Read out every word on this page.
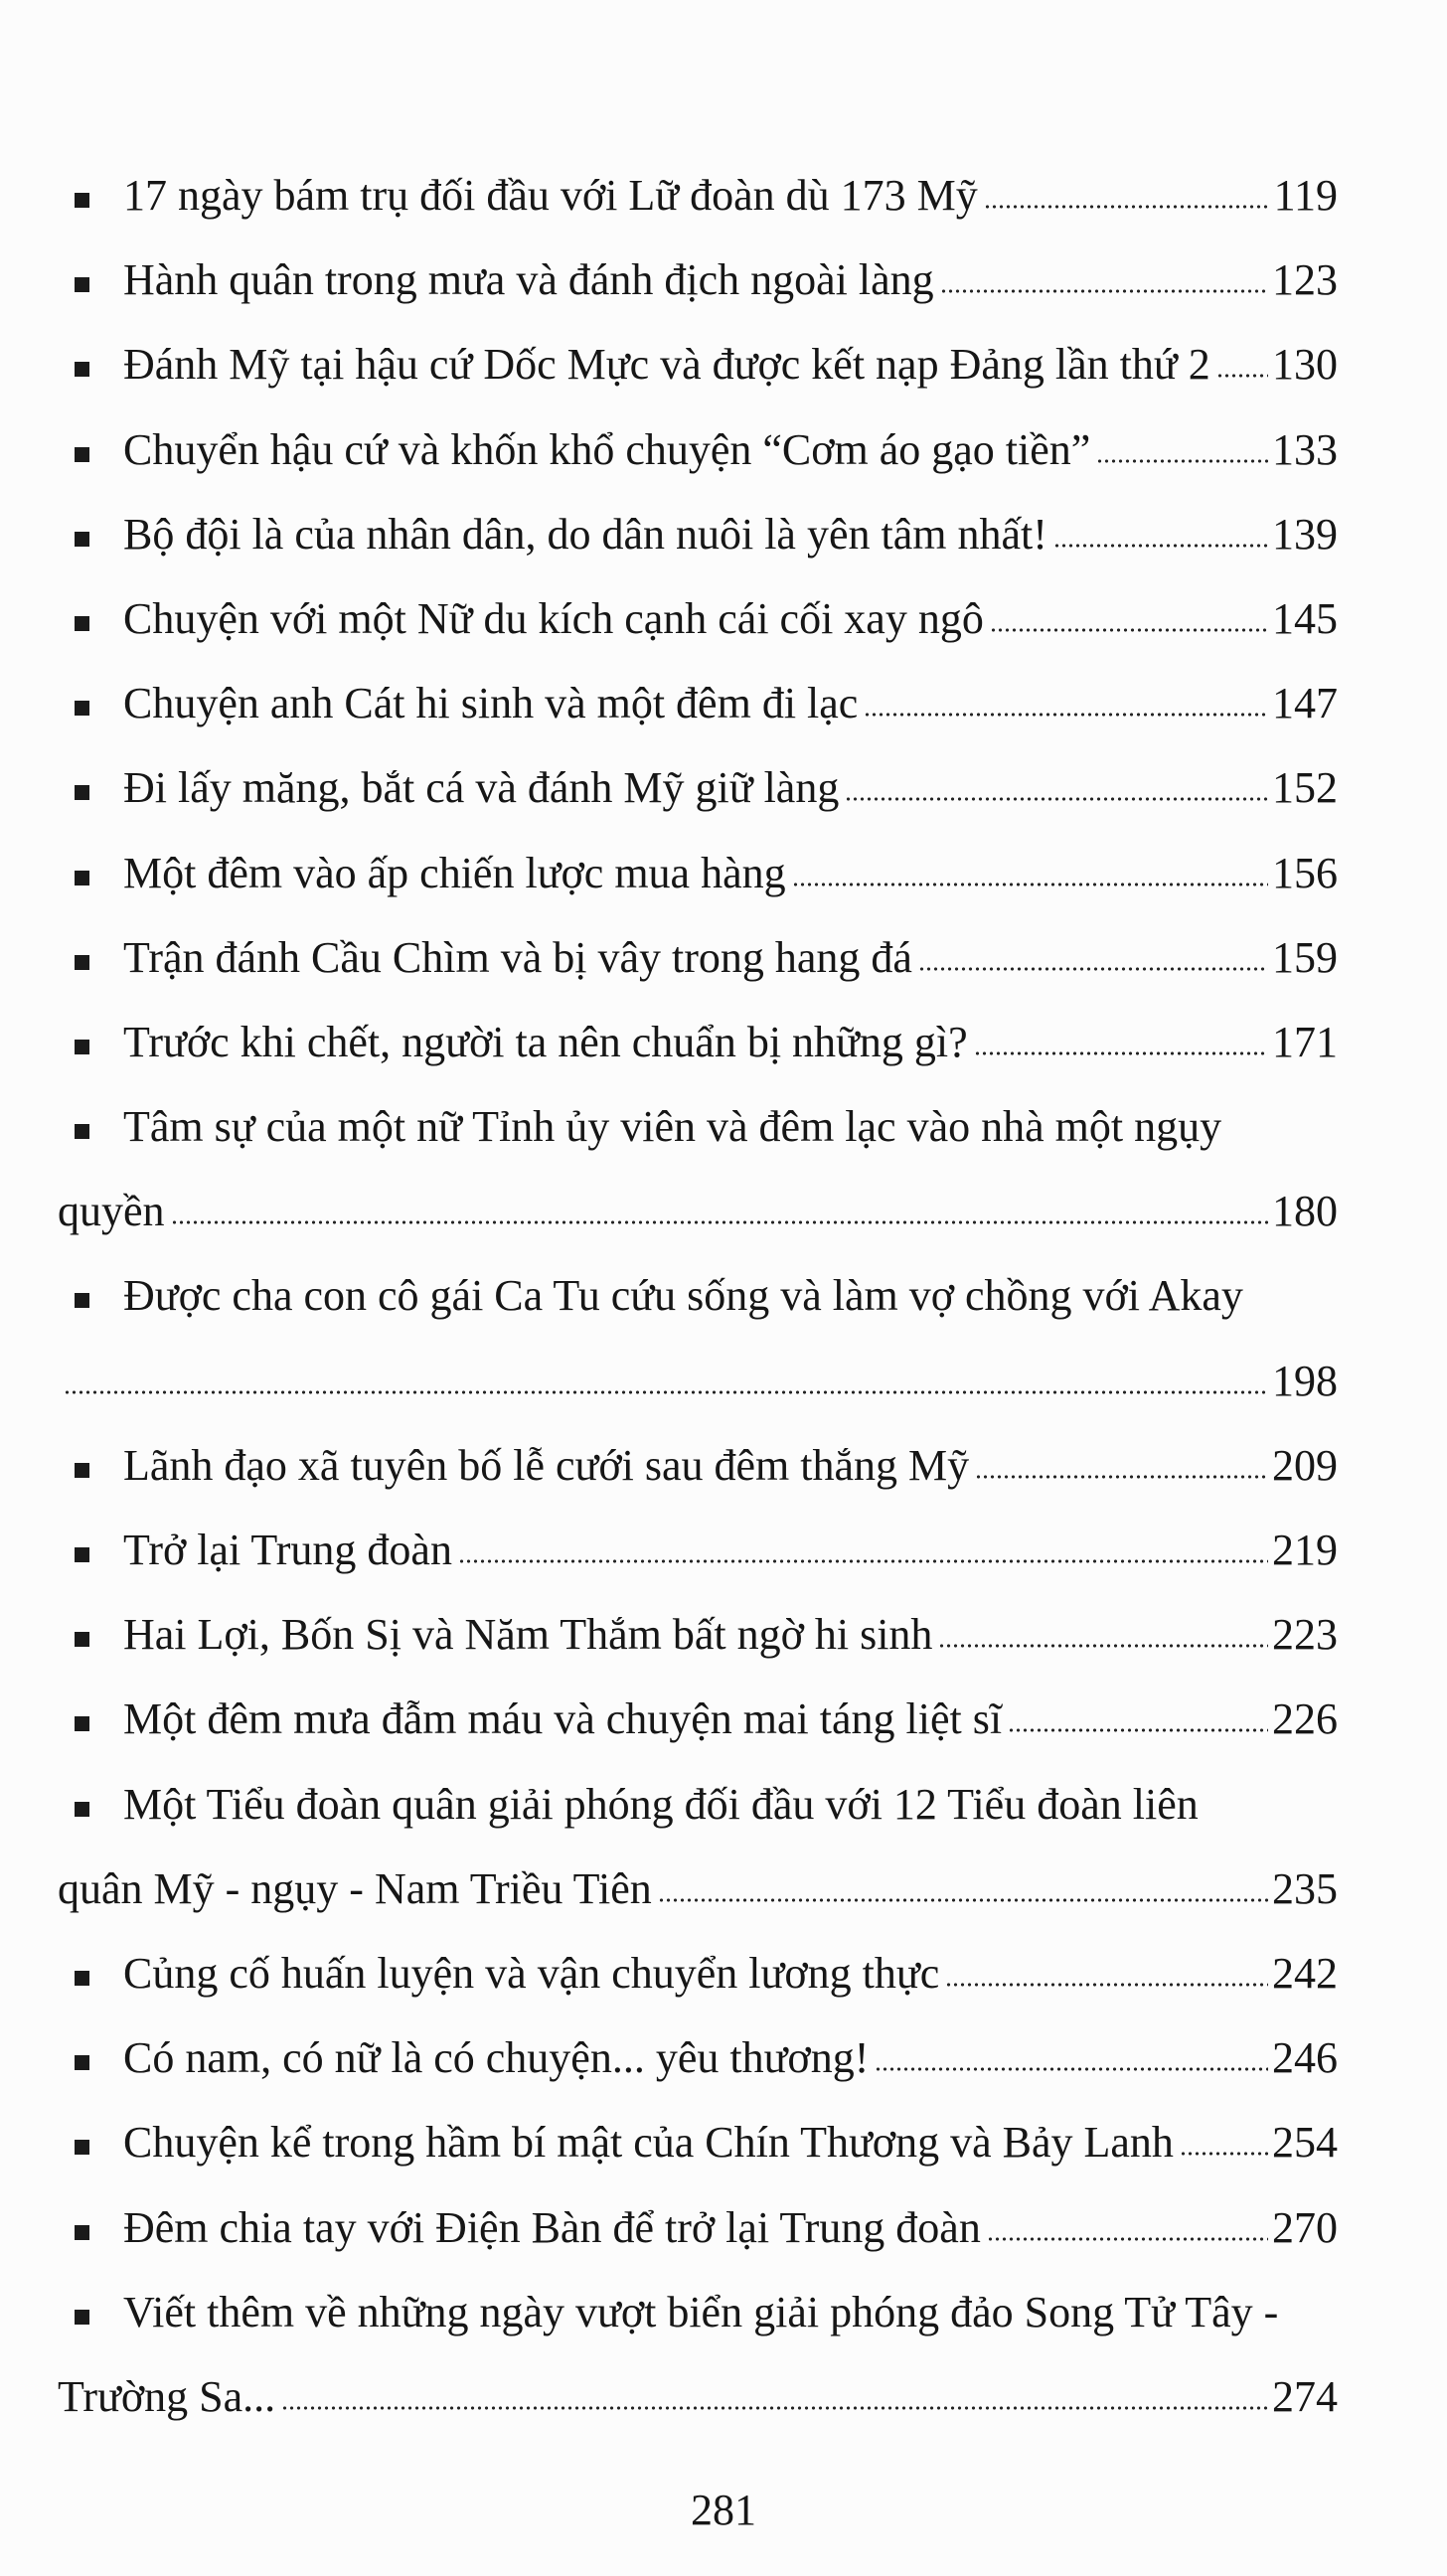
17 ngày bám trụ đối đầu với Lữ đoàn dù 173 Mỹ	119
Hành quân trong mưa và đánh địch ngoài làng	123
Đánh Mỹ tại hậu cứ Dốc Mực và được kết nạp Đảng lần thứ 2 130
Chuyển hậu cứ và khốn khổ chuyện “Cơm áo gạo tiền”	133
Bộ đội là của nhân dân, do dân nuôi là yên tâm nhất!	139
Chuyện với một Nữ du kích cạnh cái cối xay ngô	145
Chuyện anh Cát hi sinh và một đêm đi lạc	147
Đi lấy măng, bắt cá và đánh Mỹ giữ làng	152
Một đêm vào ấp chiến lược mua hàng	156
Trận đánh Cầu Chìm và bị vây trong hang đá	159
Trước khi chết, người ta nên chuẩn bị những gì?	171
Tâm sự của một nữ Tỉnh ủy viên và đêm lạc vào nhà một ngụy
quyền	180
Được cha con cô gái Ca Tu cứu sống và làm vợ chồng với Akay
198
Lãnh đạo xã tuyên bố lễ cưới sau đêm thắng Mỹ	209
Trở lại Trung đoàn	219
Hai Lợi, Bốn Sị và Năm Thắm bất ngờ hi sinh	223
Một đêm mưa đẫm máu và chuyện mai táng liệt sĩ	226
Một Tiểu đoàn quân giải phóng đối đầu với 12 Tiểu đoàn liên
quân Mỹ - ngụy - Nam Triều Tiên	235
Củng cố huấn luyện và vận chuyển lương thực	242
Có nam, có nữ là có chuyện... yêu thương!	246
Chuyện kể trong hầm bí mật của Chín Thương và Bảy Lanh 254
Đêm chia tay với Điện Bàn để trở lại Trung đoàn	270
Viết thêm về những ngày vượt biển giải phóng đảo Song Tử Tây -
Trường Sa...	274
281
